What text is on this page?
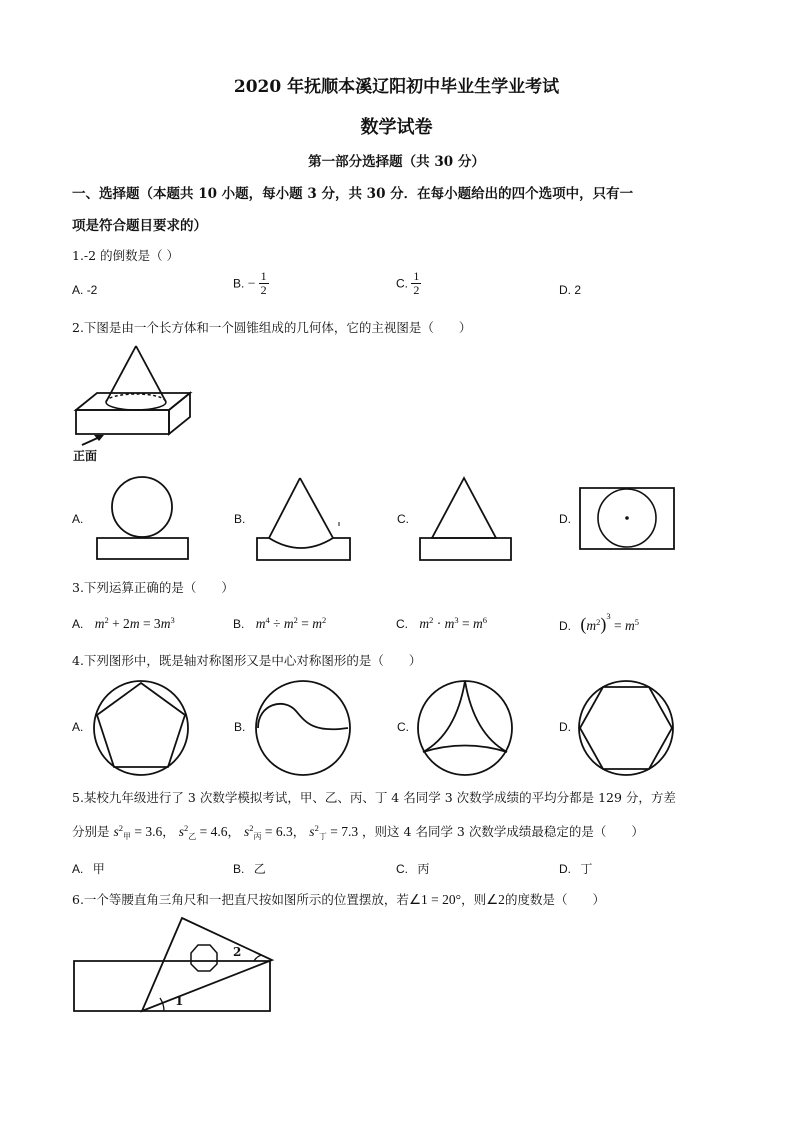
2020 年抚顺本溪辽阳初中毕业生学业考试
数学试卷
第一部分选择题（共 30 分）
一、选择题（本题共 10 小题，每小题 3 分，共 30 分．在每小题给出的四个选项中，只有一
项是符合题目要求的）
1.-2 的倒数是（ ）
A. -2	B. − $\frac{1}{2}$	C. $\frac{1}{2}$	D. 2
2.下图是由一个长方体和一个圆锥组成的几何体，它的主视图是（　　）
正面
A.	B.	C.	D.
3.下列运算正确的是（　　）
A. $m^2 + 2m = 3m^3$	B. $m^4 \div m^2 = m^2$	C. $m^2 \cdot m^3 = m^6$	D. $(m^2)^3 = m^5$
4.下列图形中，既是轴对称图形又是中心对称图形的是（　　）
A.	B.	C.	D.
5.某校九年级进行了 3 次数学模拟考试，甲、乙、丙、丁 4 名同学 3 次数学成绩的平均分都是 129 分，方差
分别是 $s^2_甲 = 3.6$， $s^2_乙 = 4.6$， $s^2_丙 = 6.3$， $s^2_丁 = 7.3$ ，则这 4 名同学 3 次数学成绩最稳定的是（　　）
A. 甲	B. 乙	C. 丙	D. 丁
6.一个等腰直角三角尺和一把直尺按如图所示的位置摆放，若∠1 = 20°，则∠2的度数是（　　）
1
2
